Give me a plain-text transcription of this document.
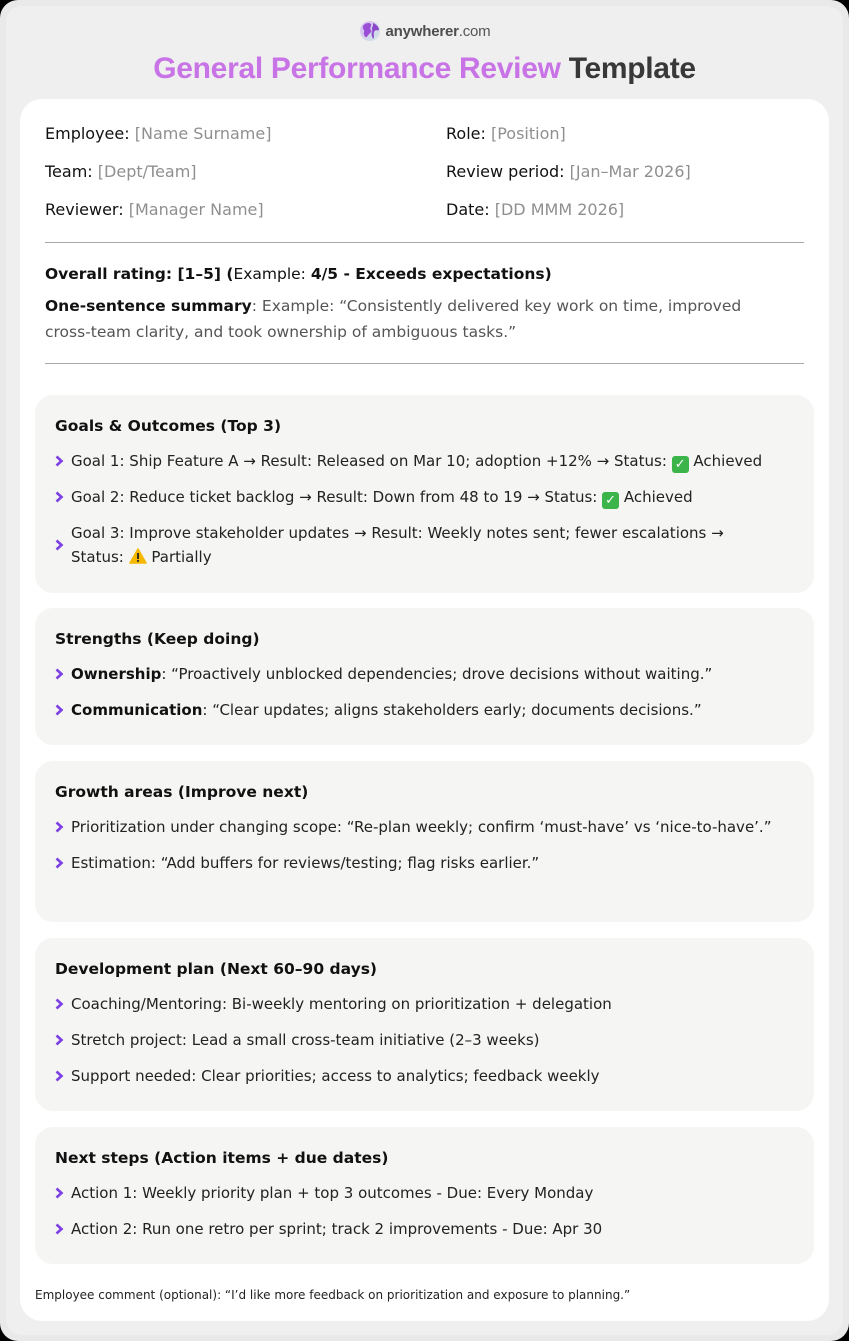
anywherer.com
General Performance Review Template
Employee: [Name Surname]	Role: [Position]
Team: [Dept/Team]	Review period: [Jan–Mar 2026]
Reviewer: [Manager Name]	Date: [DD MMM 2026]
Overall rating: [1–5] (Example: 4/5 - Exceeds expectations)
One-sentence summary: Example: “Consistently delivered key work on time, improved cross-team clarity, and took ownership of ambiguous tasks.”
Goals & Outcomes (Top 3)
Goal 1: Ship Feature A → Result: Released on Mar 10; adoption +12% → Status: ✓ Achieved
Goal 2: Reduce ticket backlog → Result: Down from 48 to 19 → Status: ✓ Achieved
Goal 3: Improve stakeholder updates → Result: Weekly notes sent; fewer escalations → Status:  Partially
Strengths (Keep doing)
Ownership: “Proactively unblocked dependencies; drove decisions without waiting.”
Communication: “Clear updates; aligns stakeholders early; documents decisions.”
Growth areas (Improve next)
Prioritization under changing scope: “Re-plan weekly; confirm ‘must-have’ vs ‘nice-to-have’.”
Estimation: “Add buffers for reviews/testing; flag risks earlier.”
Development plan (Next 60–90 days)
Coaching/Mentoring: Bi-weekly mentoring on prioritization + delegation
Stretch project: Lead a small cross-team initiative (2–3 weeks)
Support needed: Clear priorities; access to analytics; feedback weekly
Next steps (Action items + due dates)
Action 1: Weekly priority plan + top 3 outcomes - Due: Every Monday
Action 2: Run one retro per sprint; track 2 improvements - Due: Apr 30
Employee comment (optional): “I’d like more feedback on prioritization and exposure to planning.”
